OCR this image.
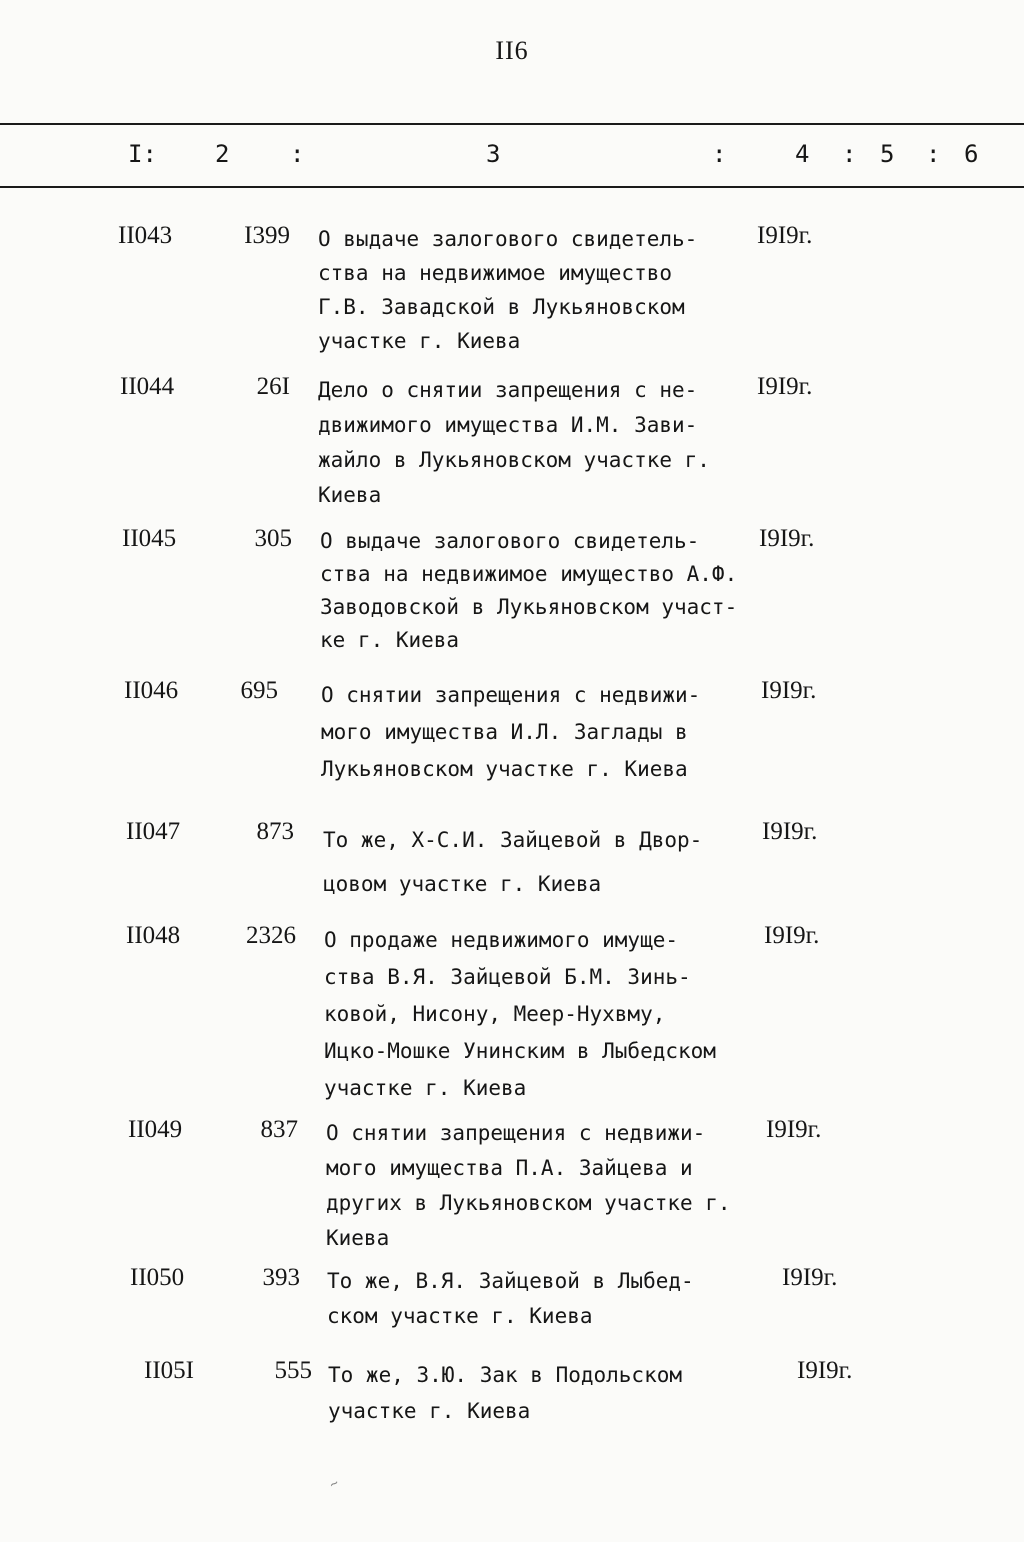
II6
I: 2	:	3	:	4 : 5 : 6
II043	I399 О выдаче залогового свидетель-
ства на недвижимое имущество
Г.В. Завадской в Лукьяновском
участке г. Киева
I9I9г.
II044	26I Дело о снятии запрещения с не-
движимого имущества И.М. Зави-
жайло в Лукьяновском участке г.
Киева
I9I9г.
II045	305 О выдаче залогового свидетель-
ства на недвижимое имущество А.Ф.
Заводовской в Лукьяновском участ-
ке г. Киева
I9I9г.
II046	695 О снятии запрещения с недвижи-
мого имущества И.Л. Заглады в
Лукьяновском участке г. Киева
I9I9г.
II047	873 То же, Х-С.И. Зайцевой в Двор-
цовом участке г. Киева
I9I9г.
II048	2326 О продаже недвижимого имуще-
ства В.Я. Зайцевой Б.М. Зинь-
ковой, Нисону, Меер-Нухвму,
Ицко-Мошке Унинским в Лыбедском
участке г. Киева
I9I9г.
II049	837 О снятии запрещения с недвижи-
мого имущества П.А. Зайцева и
других в Лукьяновском участке г.
Киева
I9I9г.
II050	393 То же, В.Я. Зайцевой в Лыбед-
ском участке г. Киева
I9I9г.
II05I	555 То же, З.Ю. Зак в Подольском
участке г. Киева
I9I9г.
~
